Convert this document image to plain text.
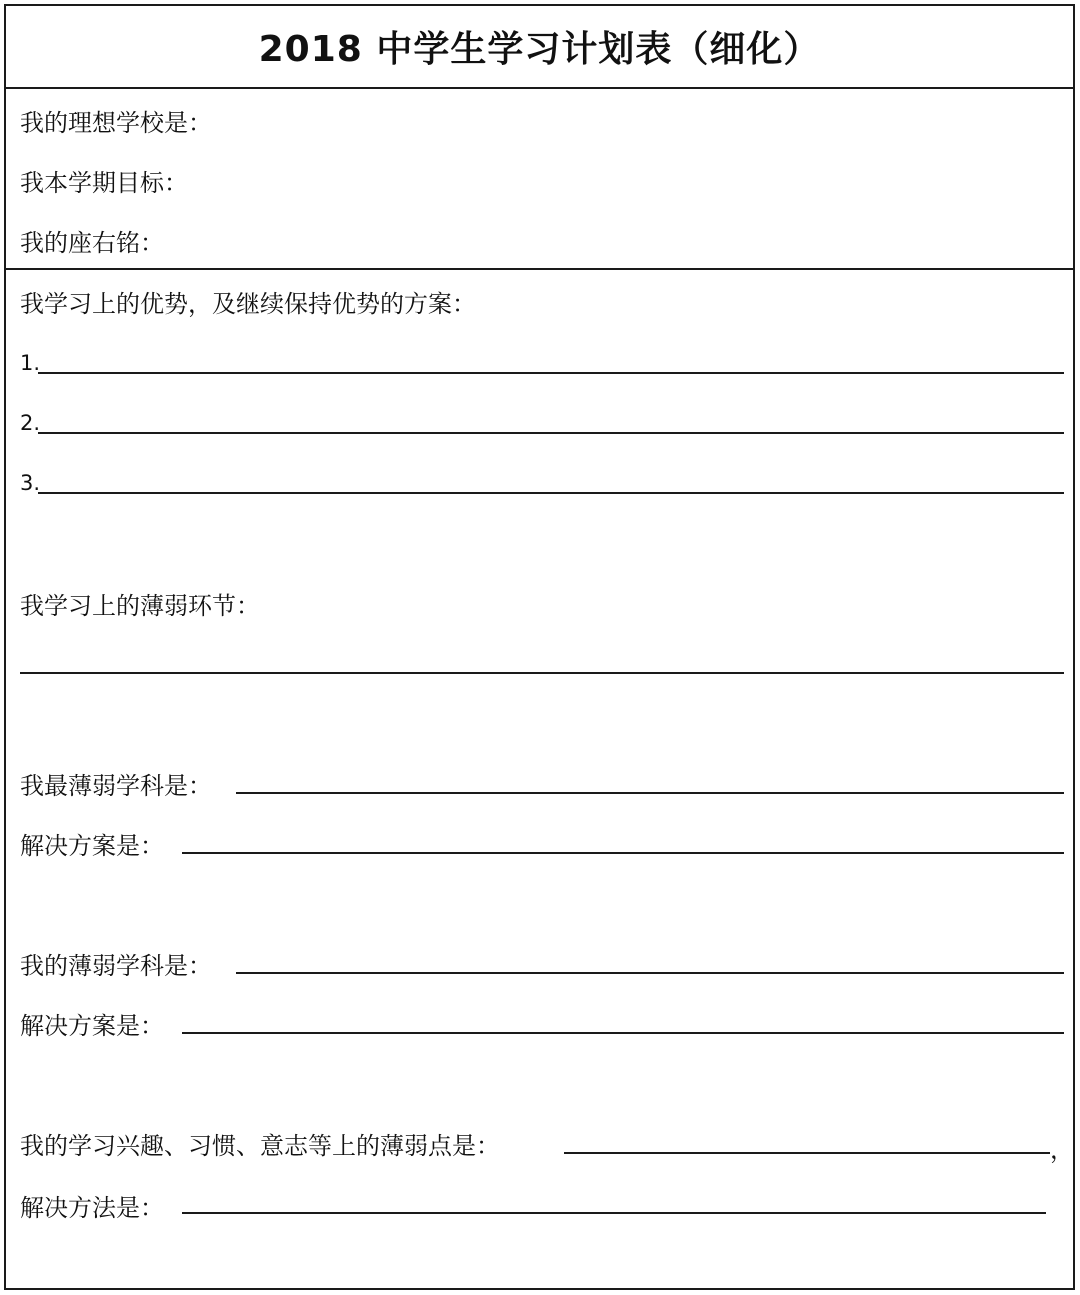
2018 中学生学习计划表（细化）
我的理想学校是：
我本学期目标：
我的座右铭：
我学习上的优势，及继续保持优势的方案：
1.
2.
3.
我学习上的薄弱环节：
我最薄弱学科是：
解决方案是：
我的薄弱学科是：
解决方案是：
我的学习兴趣、习惯、意志等上的薄弱点是：	，
解决方法是：
